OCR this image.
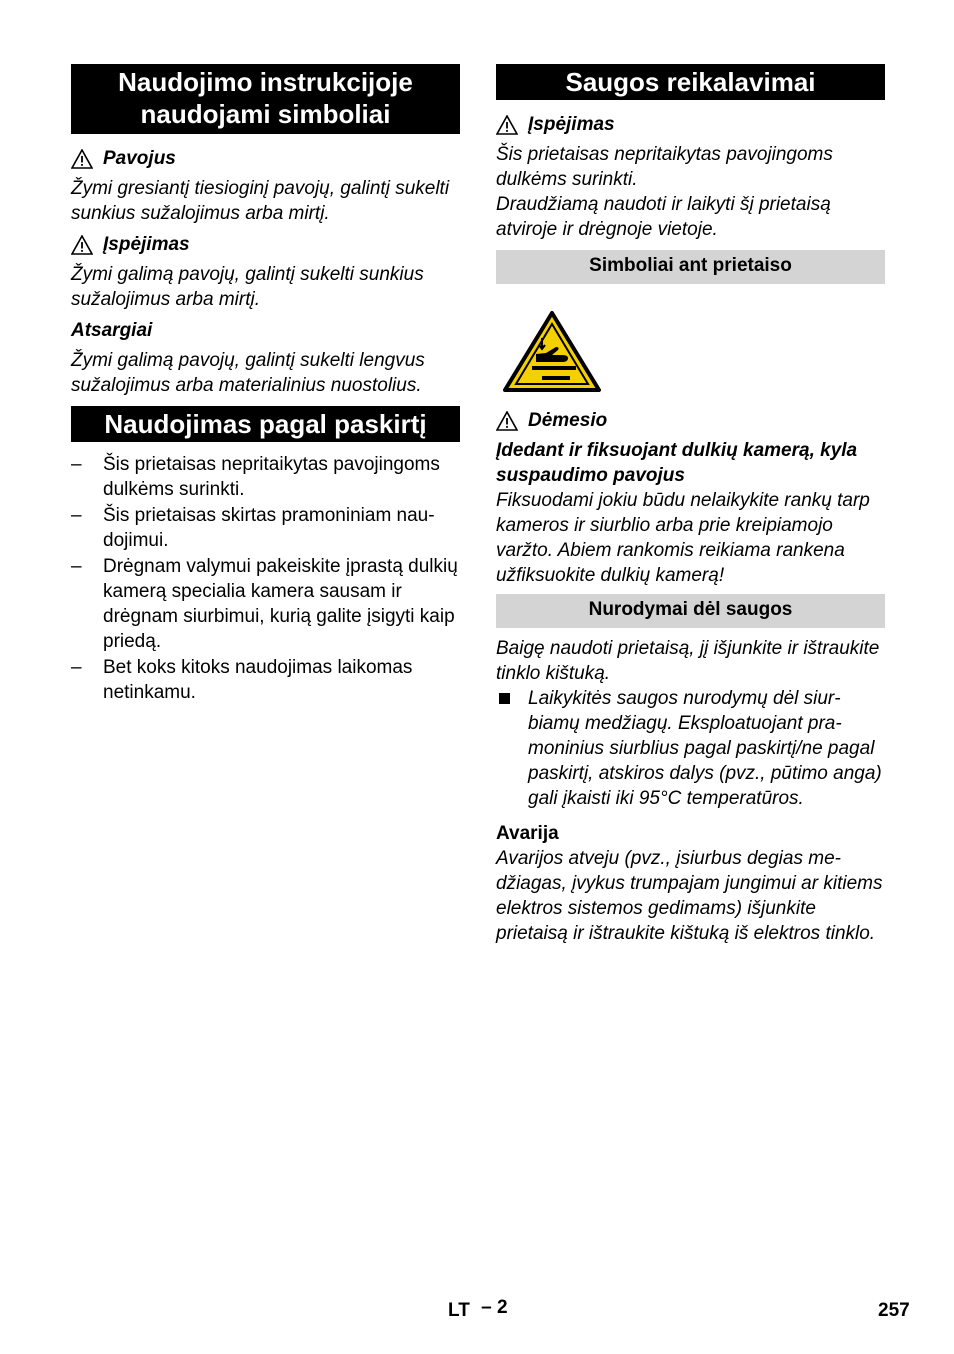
Naudojimo instrukcijoje naudojami simboliai

Pavojus

Žymi gresiantį tiesioginį pavojų, galintį sukelti sunkius sužalojimus arba mirtį.

Įspėjimas

Žymi galimą pavojų, galintį sukelti sunkius sužalojimus arba mirtį.

Atsargiai

Žymi galimą pavojų, galintį sukelti lengvus sužalojimus arba materialinius nuostolius.

Naudojimas pagal paskirtį
–	Šis prietaisas nepritaikytas pavojingoms dulkėms surinkti.
–	Šis prietaisas skirtas pramoniniam naudojimui.
–	Drėgnam valymui pakeiskite įprastą dulkių kamerą specialia kamera sausam ir drėgnam siurbimui, kurią galite įsigyti kaip priedą.
–	Bet koks kitoks naudojimas laikomas netinkamu.
Saugos reikalavimai

Įspėjimas

Šis prietaisas nepritaikytas pavojingoms dulkėms surinkti.

Draudžiamą naudoti ir laikyti šį prietaisą atviroje ir drėgnoje vietoje.

Simboliai ant prietaiso

Dėmesio

Įdedant ir fiksuojant dulkių kamerą, kyla suspaudimo pavojus

Fiksuodami jokiu būdu nelaikykite rankų tarp kameros ir siurblio arba prie kreipiamojo varžto. Abiem rankomis reikiama rankena užfiksuokite dulkių kamerą!

Nurodymai dėl saugos

Baigę naudoti prietaisą, jį išjunkite ir ištraukite tinklo kištuką.

Laikykitės saugos nurodymų dėl siurbiamų medžiagų. Eksploatuojant pramoninius siurblius pagal paskirtį/ne pagal paskirtį, atskiros dalys (pvz., pūtimo anga) gali įkaisti iki 95°C temperatūros.

Avarija

Avarijos atveju (pvz., įsiurbus degias medžiagas, įvykus trumpajam jungimui ar kitiems elektros sistemos gedimams) išjunkite prietaisą ir ištraukite kištuką iš elektros tinklo.

LT – 2	257
